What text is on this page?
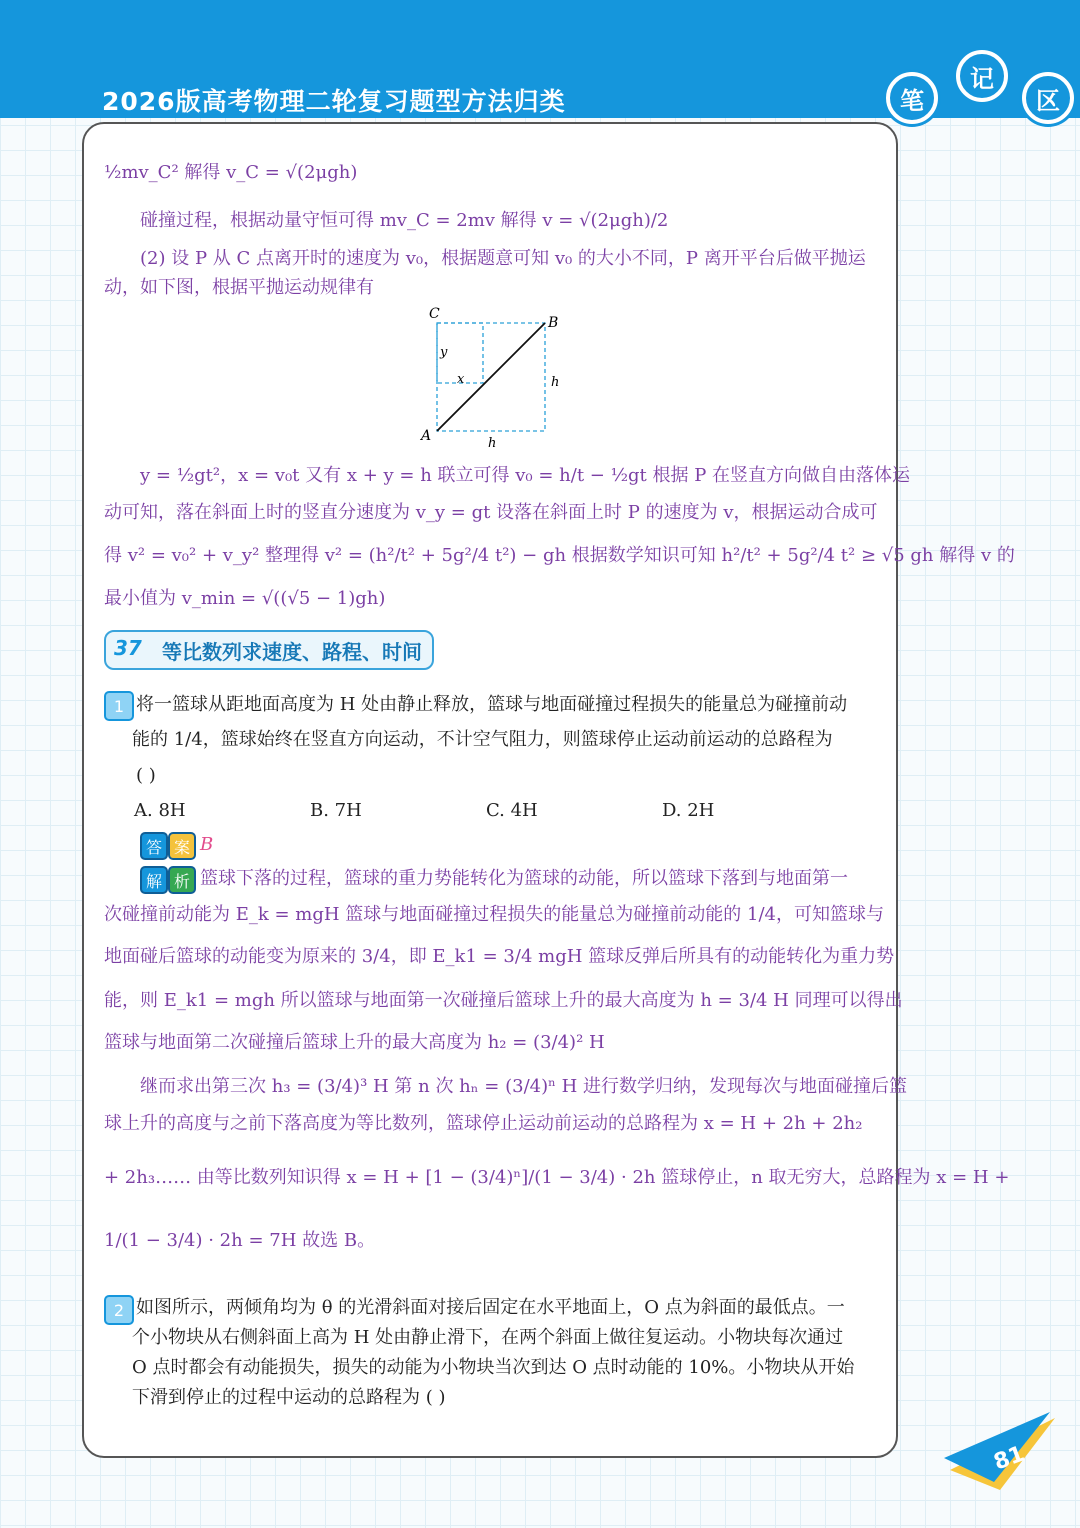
2026版高考物理二轮复习题型方法归类	笔
记
区
½mv_C² 解得 v_C = √(2μgh)
碰撞过程，根据动量守恒可得 mv_C = 2mv 解得 v = √(2μgh)/2
(2) 设 P 从 C 点离开时的速度为 v₀，根据题意可知 v₀ 的大小不同，P 离开平台后做平抛运
动，如下图，根据平抛运动规律有
C
B
A
y
x	h
h
y = ½gt²，x = v₀t 又有 x + y = h 联立可得 v₀ = h/t − ½gt 根据 P 在竖直方向做自由落体运
动可知，落在斜面上时的竖直分速度为 v_y = gt 设落在斜面上时 P 的速度为 v，根据运动合成可
得 v² = v₀² + v_y² 整理得 v² = (h²/t² + 5g²/4 t²) − gh 根据数学知识可知 h²/t² + 5g²/4 t² ≥ √5 gh 解得 v 的
最小值为 v_min = √((√5 − 1)gh)
37 等比数列求速度、路程、时间
1 将一篮球从距地面高度为 H 处由静止释放，篮球与地面碰撞过程损失的能量总为碰撞前动
能的 1/4，篮球始终在竖直方向运动，不计空气阻力，则篮球停止运动前运动的总路程为
( )
A. 8H	B. 7H	C. 4H	D. 2H
答 案 B
解 析 篮球下落的过程，篮球的重力势能转化为篮球的动能，所以篮球下落到与地面第一
次碰撞前动能为 E_k = mgH 篮球与地面碰撞过程损失的能量总为碰撞前动能的 1/4，可知篮球与
地面碰后篮球的动能变为原来的 3/4，即 E_k1 = 3/4 mgH 篮球反弹后所具有的动能转化为重力势
能，则 E_k1 = mgh 所以篮球与地面第一次碰撞后篮球上升的最大高度为 h = 3/4 H 同理可以得出
篮球与地面第二次碰撞后篮球上升的最大高度为 h₂ = (3/4)² H
继而求出第三次 h₃ = (3/4)³ H 第 n 次 hₙ = (3/4)ⁿ H 进行数学归纳，发现每次与地面碰撞后篮
球上升的高度与之前下落高度为等比数列，篮球停止运动前运动的总路程为 x = H + 2h + 2h₂
+ 2h₃…… 由等比数列知识得 x = H + [1 − (3/4)ⁿ]/(1 − 3/4) · 2h 篮球停止，n 取无穷大，总路程为 x = H +
1/(1 − 3/4) · 2h = 7H 故选 B。
2 如图所示，两倾角均为 θ 的光滑斜面对接后固定在水平地面上，O 点为斜面的最低点。一
个小物块从右侧斜面上高为 H 处由静止滑下，在两个斜面上做往复运动。小物块每次通过
O 点时都会有动能损失，损失的动能为小物块当次到达 O 点时动能的 10%。小物块从开始
下滑到停止的过程中运动的总路程为 ( )
81
